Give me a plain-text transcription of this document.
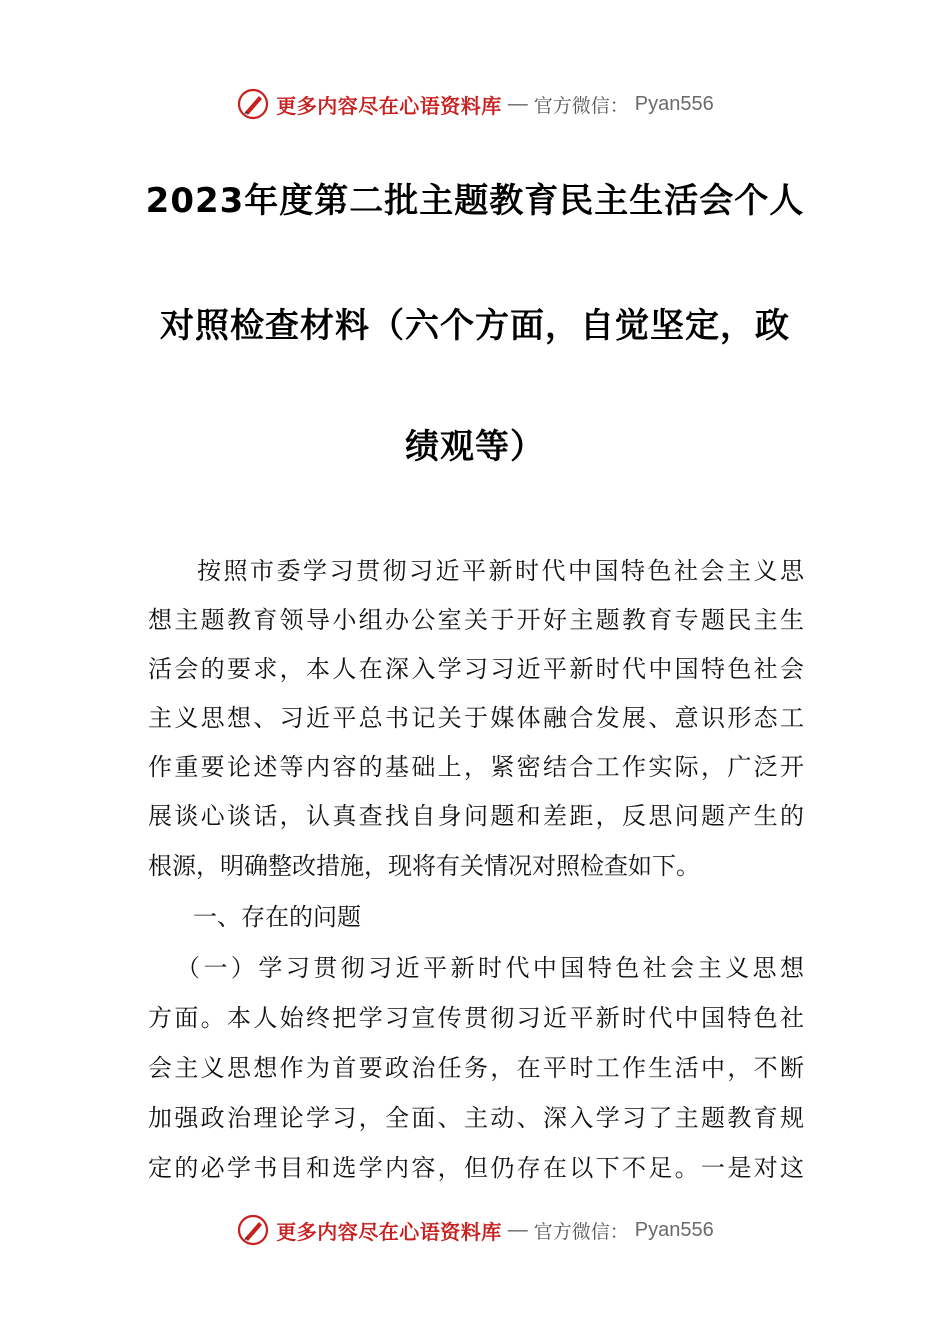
更多内容尽在心语资料库 — 官方微信： Pyan556
2023年度第二批主题教育民主生活会个人
对照检查材料（六个方面，自觉坚定，政
绩观等）
按照市委学习贯彻习近平新时代中国特色社会主义思
想主题教育领导小组办公室关于开好主题教育专题民主生
活会的要求，本人在深入学习习近平新时代中国特色社会
主义思想、习近平总书记关于媒体融合发展、意识形态工
作重要论述等内容的基础上，紧密结合工作实际，广泛开
展谈心谈话，认真查找自身问题和差距，反思问题产生的
根源，明确整改措施，现将有关情况对照检查如下。
一、存在的问题
（一）学习贯彻习近平新时代中国特色社会主义思想
方面。本人始终把学习宣传贯彻习近平新时代中国特色社
会主义思想作为首要政治任务，在平时工作生活中，不断
加强政治理论学习，全面、主动、深入学习了主题教育规
定的必学书目和选学内容，但仍存在以下不足。一是对这
更多内容尽在心语资料库 — 官方微信： Pyan556
